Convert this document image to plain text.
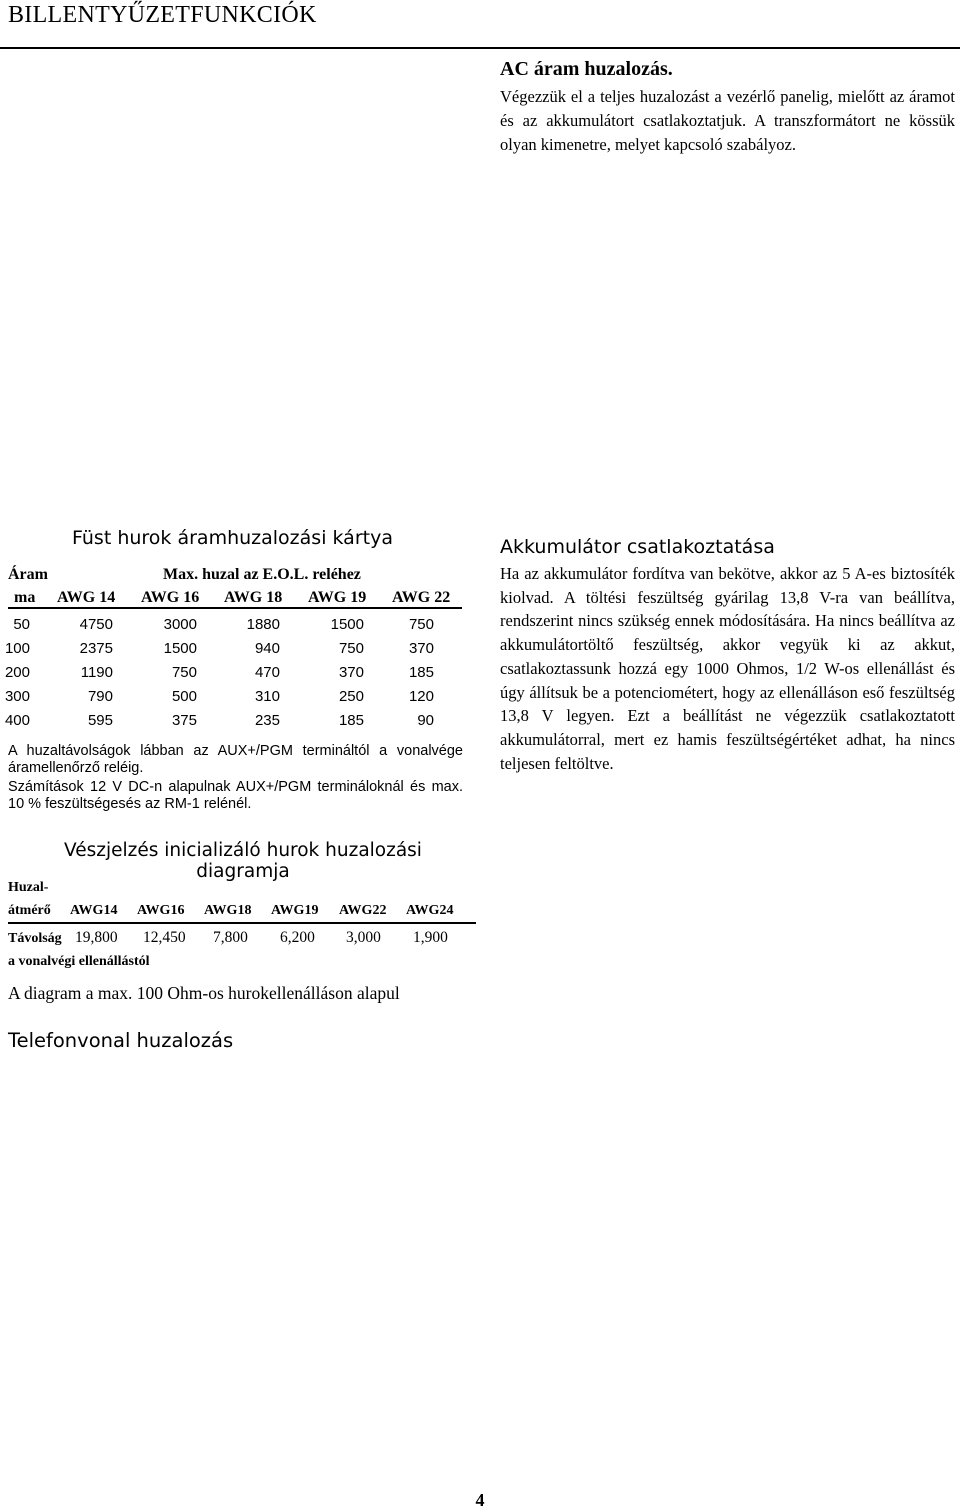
BILLENTYŰZETFUNKCIÓK
AC áram huzalozás.

Végezzük el a teljes huzalozást a vezérlő panelig, mielőtt az áramot és az akkumulátort csatlakoztatjuk. A transzformátort ne kössük olyan kimenetre, melyet kapcsoló szabályoz.

Füst hurok áramhuzalozási kártya
Áram	Max. huzal az E.O.L. reléhez
ma AWG 14 AWG 16 AWG 18 AWG 19 AWG 22
50	4750	3000	1880	1500	750
100	2375	1500	940	750	370
200	1190	750	470	370	185
300	790	500	310	250	120
400	595	375	235	185	90
A huzaltávolságok lábban az AUX+/PGM termináltól a vonalvége áramellenőrző reléig.
Számítások 12 V DC-n alapulnak AUX+/PGM termináloknál és max. 10 % feszültségesés az RM-1 relénél.
Vészjelzés inicializáló hurok huzalozási
diagramja
Huzal-
átmérő AWG14 AWG16 AWG18 AWG19 AWG22 AWG24
Távolság 19,800 12,450 7,800 6,200 3,000 1,900
a vonalvégi ellenállástól
A diagram a max. 100 Ohm-os hurokellenálláson alapul
Telefonvonal huzalozás
Akkumulátor csatlakoztatása

Ha az akkumulátor fordítva van bekötve, akkor az 5 A-es biztosíték kiolvad. A töltési feszültség gyárilag 13,8 V-ra van beállítva, rendszerint nincs szükség ennek módosítására. Ha nincs beállítva az akkumulátortöltő feszültség, akkor vegyük ki az akkut, csatlakoztassunk hozzá egy 1000 Ohmos, 1/2 W-os ellenállást és úgy állítsuk be a potenciométert, hogy az ellenálláson eső feszültség 13,8 V legyen. Ezt a beállítást ne végezzük csatlakoztatott akkumulátorral, mert ez hamis feszültségértéket adhat, ha nincs teljesen feltöltve.

4
